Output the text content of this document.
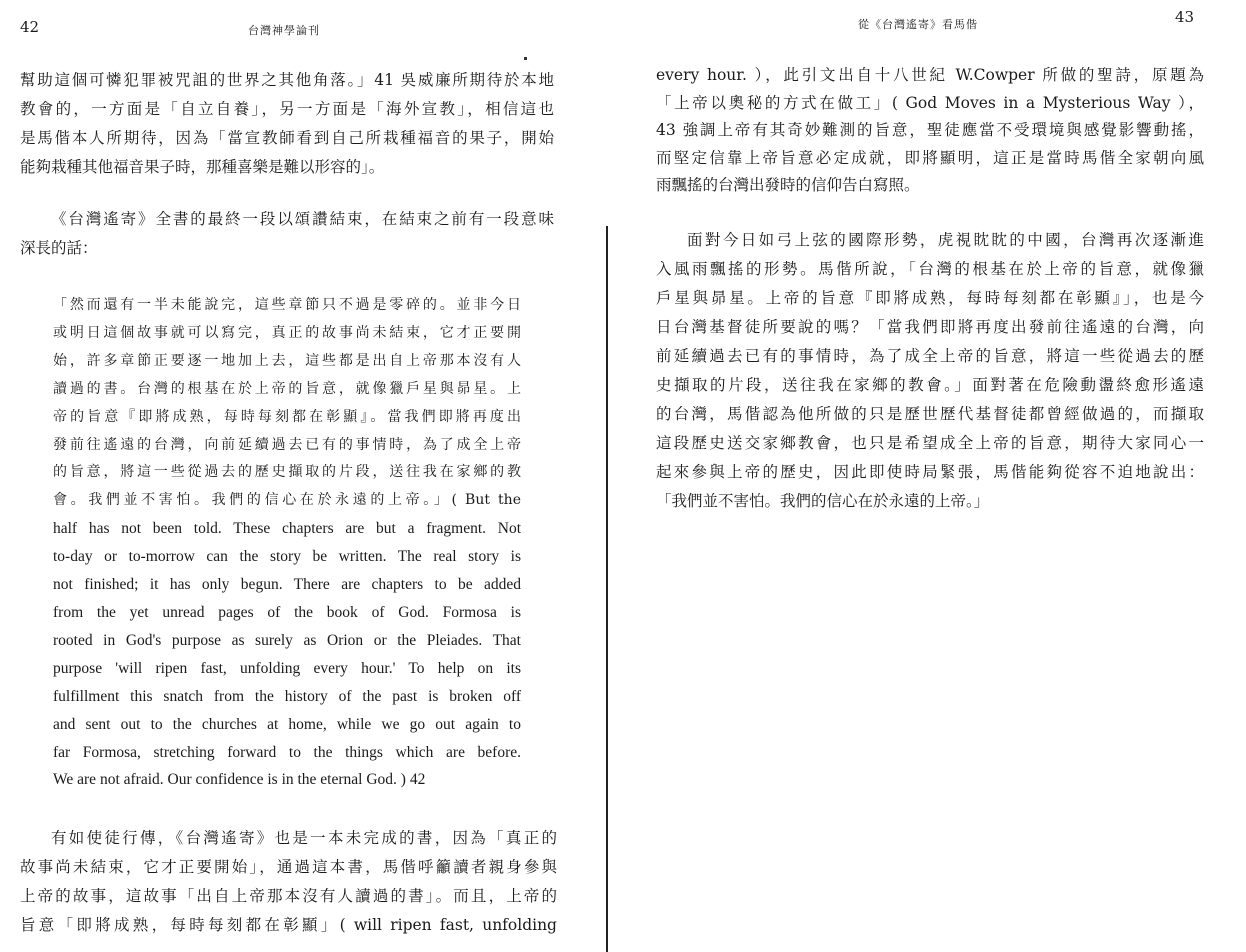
42	台灣神學論刊
幫助這個可憐犯罪被咒詛的世界之其他角落。」41 吳威廉所期待於本地
教會的，一方面是「自立自養」，另一方面是「海外宣教」，相信這也
是馬偕本人所期待，因為「當宣教師看到自己所栽種福音的果子，開始
能夠栽種其他福音果子時，那種喜樂是難以形容的」。
《台灣遙寄》全書的最終一段以頌讚結束，在結束之前有一段意味
深長的話：
「然而還有一半未能說完，這些章節只不過是零碎的。並非今日
或明日這個故事就可以寫完，真正的故事尚未結束，它才正要開
始，許多章節正要逐一地加上去，這些都是出自上帝那本沒有人
讀過的書。台灣的根基在於上帝的旨意，就像獵戶星與昴星。上
帝的旨意『即將成熟，每時每刻都在彰顯』。當我們即將再度出
發前往遙遠的台灣，向前延續過去已有的事情時，為了成全上帝
的旨意，將這一些從過去的歷史擷取的片段，送往我在家鄉的教
會。我們並不害怕。我們的信心在於永遠的上帝。」( But the
half has not been told. These chapters are but a fragment. Not
to-day or to-morrow can the story be written. The real story is
not finished; it has only begun. There are chapters to be added
from the yet unread pages of the book of God. Formosa is
rooted in God's purpose as surely as Orion or the Pleiades. That
purpose 'will ripen fast, unfolding every hour.' To help on its
fulfillment this snatch from the history of the past is broken off
and sent out to the churches at home, while we go out again to
far Formosa, stretching forward to the things which are before.
We are not afraid. Our confidence is in the eternal God. ) 42
有如使徒行傳，《台灣遙寄》也是一本未完成的書，因為「真正的
故事尚未結束，它才正要開始」，通過這本書，馬偕呼籲讀者親身參與
上帝的故事，這故事「出自上帝那本沒有人讀過的書」。而且，上帝的
旨意「即將成熟，每時每刻都在彰顯」( will ripen fast, unfolding
43
從《台灣遙寄》看馬偕
every hour. ），此引文出自十八世紀 W.Cowper 所做的聖詩，原題為
「上帝以奧秘的方式在做工」( God Moves in a Mysterious Way ），
43 強調上帝有其奇妙難測的旨意，聖徒應當不受環境與感覺影響動搖，
而堅定信靠上帝旨意必定成就，即將顯明，這正是當時馬偕全家朝向風
雨飄搖的台灣出發時的信仰告白寫照。
面對今日如弓上弦的國際形勢，虎視眈眈的中國，台灣再次逐漸進
入風雨飄搖的形勢。馬偕所說，「台灣的根基在於上帝的旨意，就像獵
戶星與昴星。上帝的旨意『即將成熟，每時每刻都在彰顯』」，也是今
日台灣基督徒所要說的嗎？「當我們即將再度出發前往遙遠的台灣，向
前延續過去已有的事情時，為了成全上帝的旨意，將這一些從過去的歷
史擷取的片段，送往我在家鄉的教會。」面對著在危險動盪終愈形遙遠
的台灣，馬偕認為他所做的只是歷世歷代基督徒都曾經做過的，而擷取
這段歷史送交家鄉教會，也只是希望成全上帝的旨意，期待大家同心一
起來參與上帝的歷史，因此即使時局緊張，馬偕能夠從容不迫地說出：
「我們並不害怕。我們的信心在於永遠的上帝。」
